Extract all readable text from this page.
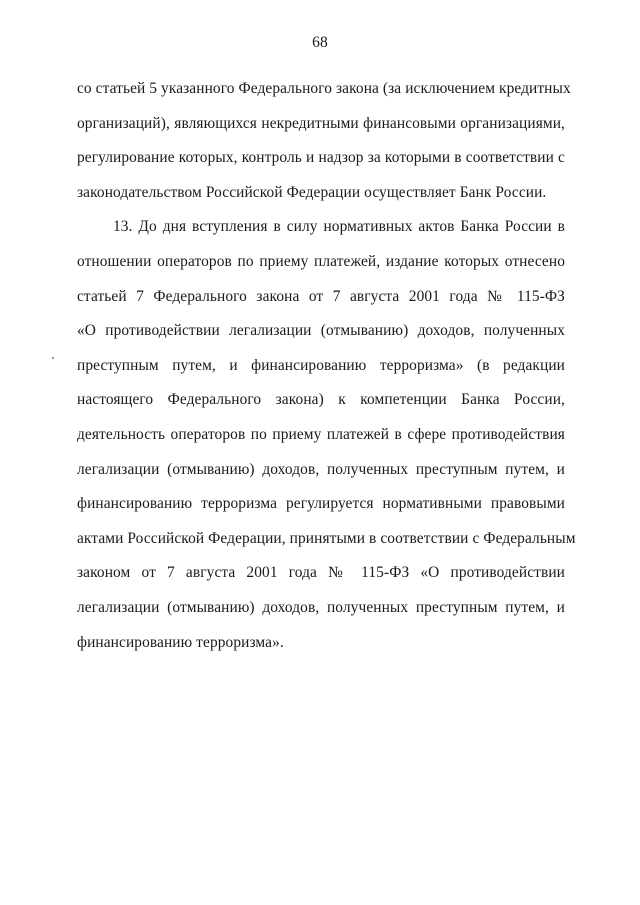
68
со статьей 5 указанного Федерального закона (за исключением кредитных
организаций), являющихся некредитными финансовыми организациями,
регулирование которых, контроль и надзор за которыми в соответствии с
законодательством Российской Федерации осуществляет Банк России.
13. До дня вступления в силу нормативных актов Банка России в
отношении операторов по приему платежей, издание которых отнесено
статьей 7 Федерального закона от 7 августа 2001 года № 115-ФЗ
«О противодействии легализации (отмыванию) доходов, полученных
преступным путем, и финансированию терроризма» (в редакции
настоящего Федерального закона) к компетенции Банка России,
деятельность операторов по приему платежей в сфере противодействия
легализации (отмыванию) доходов, полученных преступным путем, и
финансированию терроризма регулируется нормативными правовыми
актами Российской Федерации, принятыми в соответствии с Федеральным
законом от 7 августа 2001 года № 115-ФЗ «О противодействии
легализации (отмыванию) доходов, полученных преступным путем, и
финансированию терроризма».
